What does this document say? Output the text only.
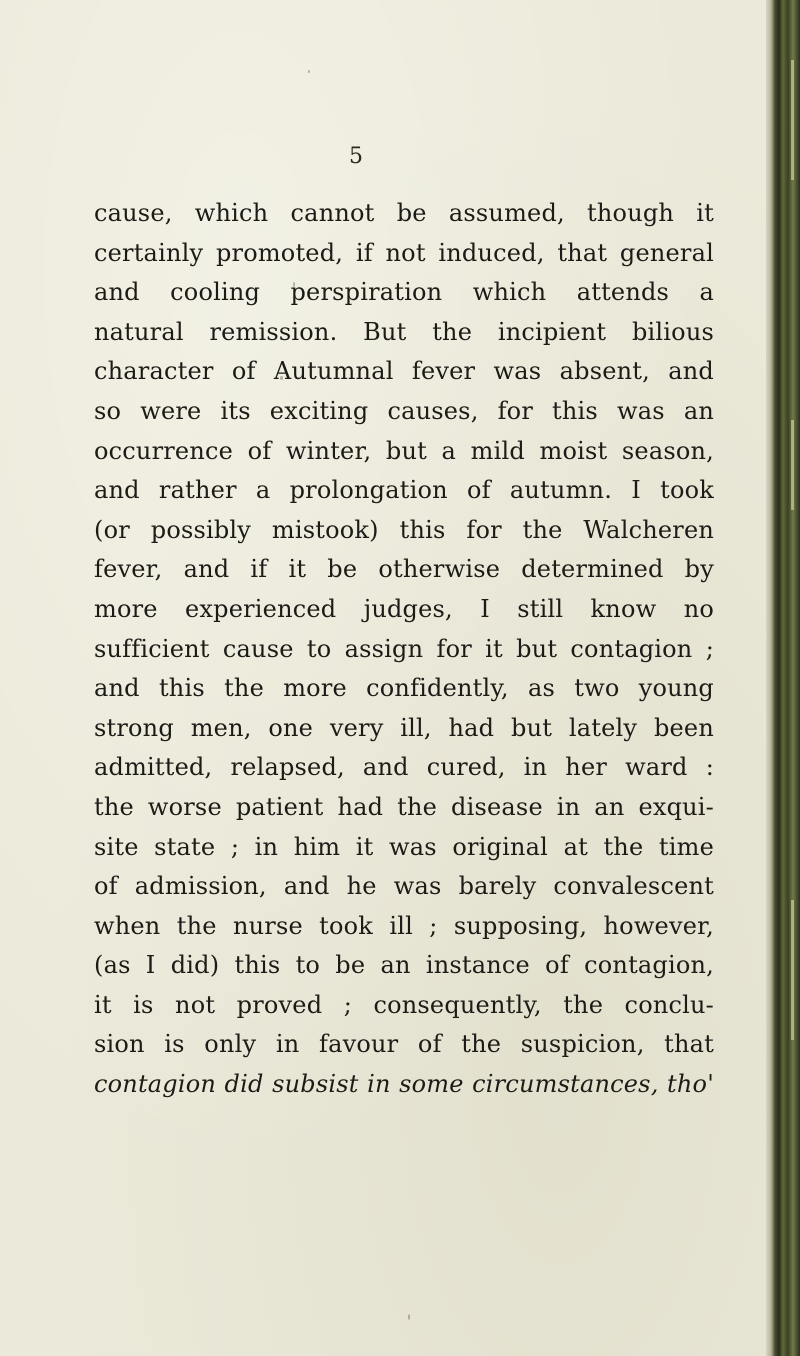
5
cause, which cannot be assumed, though it
certainly promoted, if not induced, that general
and cooling perspiration which attends a
natural remission. But the incipient bilious
character of Autumnal fever was absent, and
so were its exciting causes, for this was an
occurrence of winter, but a mild moist season,
and rather a prolongation of autumn. I took
(or possibly mistook) this for the Walcheren
fever, and if it be otherwise determined by
more experienced judges, I still know no
sufficient cause to assign for it but contagion ;
and this the more confidently, as two young
strong men, one very ill, had but lately been
admitted, relapsed, and cured, in her ward :
the worse patient had the disease in an exqui-
site state ; in him it was original at the time
of admission, and he was barely convalescent
when the nurse took ill ; supposing, however,
(as I did) this to be an instance of contagion,
it is not proved ; consequently, the conclu-
sion is only in favour of the suspicion, that
contagion did subsist in some circumstances, tho'
